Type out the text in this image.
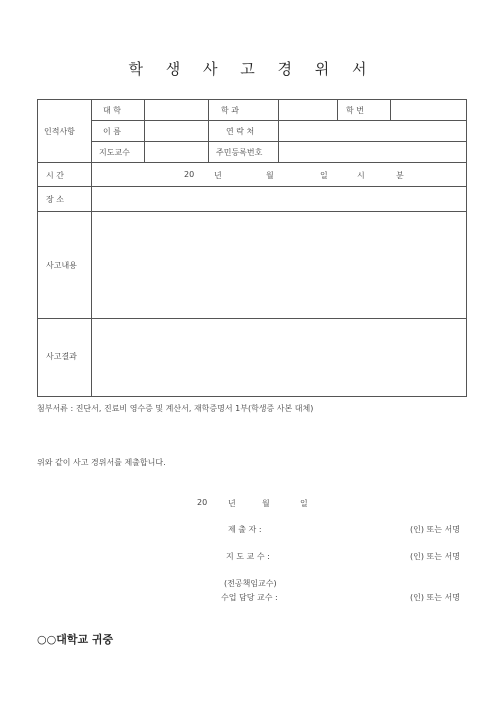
학 생 사 고 경 위 서
인적사항
대 학	학 과	학 번
이 름	연 락 처
지도교수	주민등록번호
시 간	20 년	월	일	시	분
장 소
사고내용
사고결과
첨부서류 : 진단서, 진료비 영수증 및 계산서, 재학증명서 1부(학생증 사본 대체)
위와 같이 사고 경위서를 제출합니다.
20	년	월	일
제 출 자 :	(인) 또는 서명
지 도 교 수 :	(인) 또는 서명
(전공책임교수)
수업 담당 교수 :	(인) 또는 서명
○○대학교 귀중
